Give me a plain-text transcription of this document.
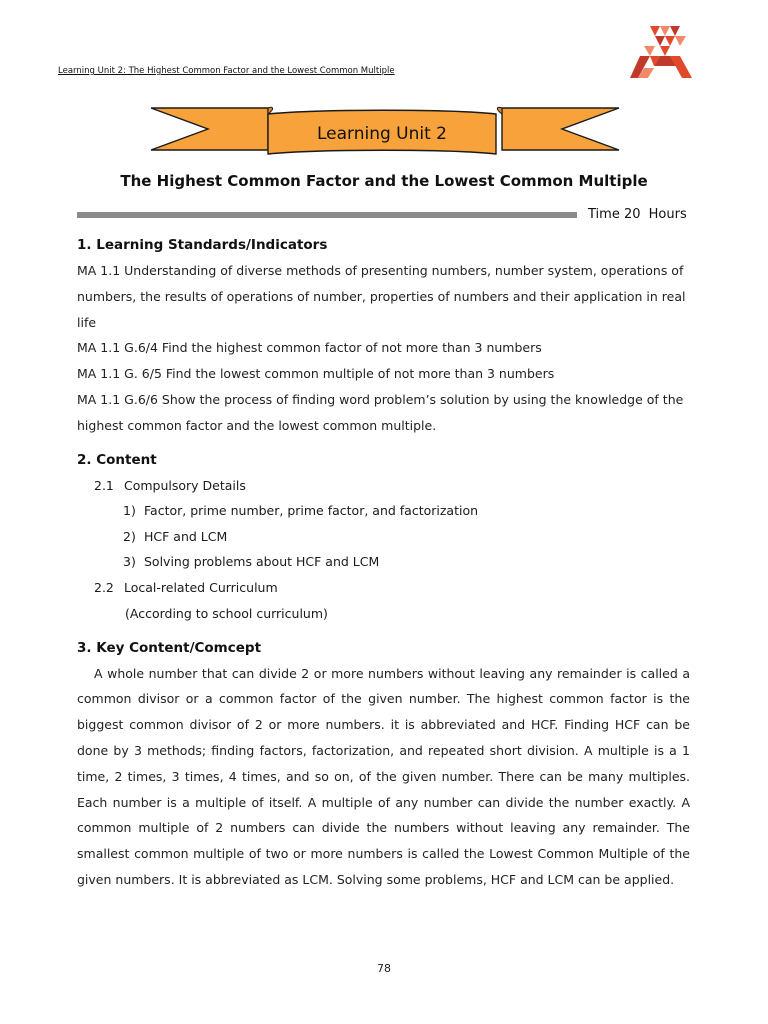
Learning Unit 2: The Highest Common Factor and the Lowest Common Multiple
Learning Unit 2
The Highest Common Factor and the Lowest Common Multiple
Time 20 Hours
1. Learning Standards/Indicators
MA 1.1 Understanding of diverse methods of presenting numbers, number system, operations of
numbers, the results of operations of number, properties of numbers and their application in real
life
MA 1.1 G.6/4 Find the highest common factor of not more than 3 numbers
MA 1.1 G. 6/5 Find the lowest common multiple of not more than 3 numbers
MA 1.1 G.6/6 Show the process of finding word problem’s solution by using the knowledge of the
highest common factor and the lowest common multiple.
2. Content
2.1 Compulsory Details
1) Factor, prime number, prime factor, and factorization
2) HCF and LCM
3) Solving problems about HCF and LCM
2.2 Local-related Curriculum
(According to school curriculum)
3. Key Content/Comcept

A whole number that can divide 2 or more numbers without leaving any remainder is called a common divisor or a common factor of the given number. The highest common factor is the biggest common divisor of 2 or more numbers. it is abbreviated and HCF. Finding HCF can be done by 3 methods; finding factors, factorization, and repeated short division. A multiple is a 1 time, 2 times, 3 times, 4 times, and so on, of the given number. There can be many multiples. Each number is a multiple of itself. A multiple of any number can divide the number exactly. A common multiple of 2 numbers can divide the numbers without leaving any remainder. The smallest common multiple of two or more numbers is called the Lowest Common Multiple of the given numbers. It is abbreviated as LCM. Solving some problems, HCF and LCM can be applied.

78
